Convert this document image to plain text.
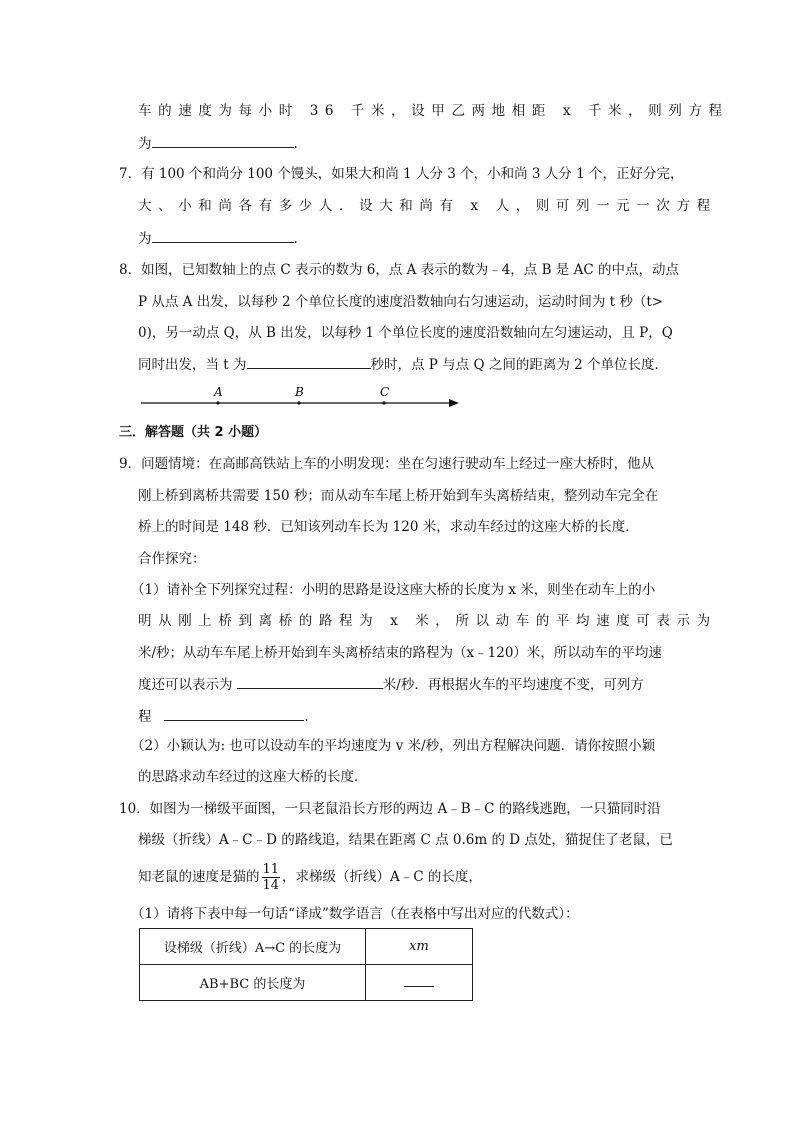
车的速度为每小时 36 千米，设甲乙两地相距 x 千米，则列方程
为	.
7．有 100 个和尚分 100 个馒头，如果大和尚 1 人分 3 个，小和尚 3 人分 1 个，正好分完，
大、小和尚各有多少人．设大和尚有 x 人，则可列一元一次方程
为	.
8．如图，已知数轴上的点 C 表示的数为 6，点 A 表示的数为﹣4，点 B 是 AC 的中点，动点
P 从点 A 出发，以每秒 2 个单位长度的速度沿数轴向右匀速运动，运动时间为 t 秒（t>
0)，另一动点 Q，从 B 出发，以每秒 1 个单位长度的速度沿数轴向左匀速运动，且 P，Q
同时出发，当 t 为	秒时，点 P 与点 Q 之间的距离为 2 个单位长度．
A	B	C
三．解答题（共 2 小题）
9．问题情境：在高邮高铁站上车的小明发现：坐在匀速行驶动车上经过一座大桥时，他从
刚上桥到离桥共需要 150 秒；而从动车车尾上桥开始到车头离桥结束，整列动车完全在
桥上的时间是 148 秒．已知该列动车长为 120 米，求动车经过的这座大桥的长度．
合作探究：
（1）请补全下列探究过程：小明的思路是设这座大桥的长度为 x 米，则坐在动车上的小
明从刚上桥到离桥的路程为 x 米，所以动车的平均速度可表示为
米/秒；从动车车尾上桥开始到车头离桥结束的路程为（x﹣120）米，所以动车的平均速
度还可以表示为	米/秒．再根据火车的平均速度不变，可列方
程	.
（2）小颖认为: 也可以设动车的平均速度为 v 米/秒，列出方程解决问题．请你按照小颖
的思路求动车经过的这座大桥的长度．
10．如图为一梯级平面图，一只老鼠沿长方形的两边 A﹣B﹣C 的路线逃跑，一只猫同时沿
梯级（折线）A﹣C﹣D 的路线追，结果在距离 C 点 0.6m 的 D 点处，猫捉住了老鼠，已
知老鼠的速度是猫的 $\frac{11}{14}$ ，求梯级（折线）A﹣C 的长度，
（1）请将下表中每一句话“译成”数学语言（在表格中写出对应的代数式）：
设梯级（折线）A→C 的长度为	xm
AB+BC 的长度为	
